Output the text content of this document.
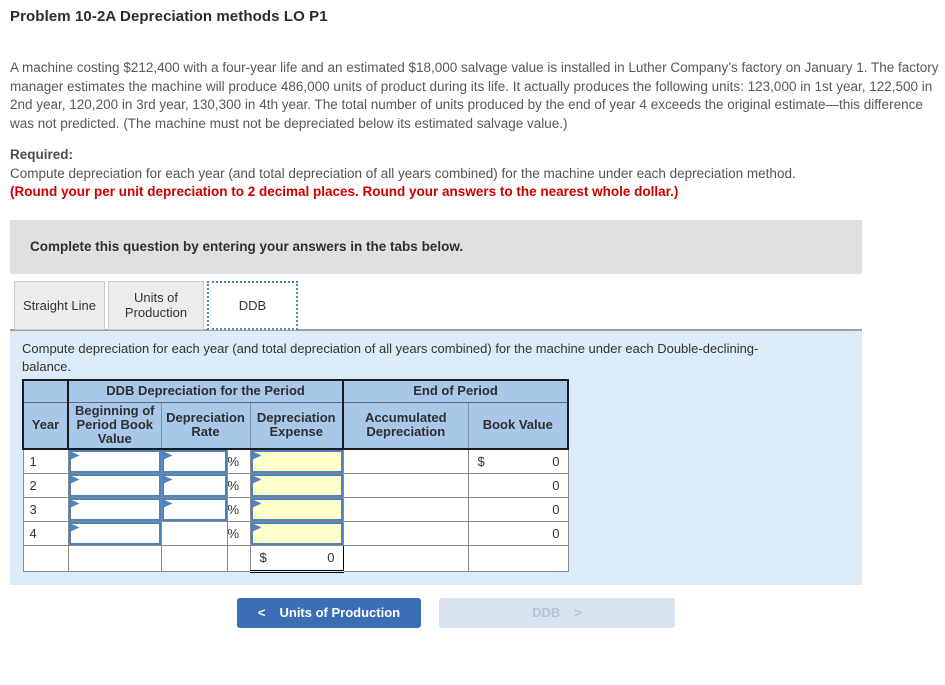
Problem 10-2A Depreciation methods LO P1
A machine costing $212,400 with a four-year life and an estimated $18,000 salvage value is installed in Luther Company’s factory on January 1. The factory manager estimates the machine will produce 486,000 units of product during its life. It actually produces the following units: 123,000 in 1st year, 122,500 in 2nd year, 120,200 in 3rd year, 130,300 in 4th year. The total number of units produced by the end of year 4 exceeds the original estimate—this difference was not predicted. (The machine must not be depreciated below its estimated salvage value.)
Required:
Compute depreciation for each year (and total depreciation of all years combined) for the machine under each depreciation method.
(Round your per unit depreciation to 2 decimal places. Round your answers to the nearest whole dollar.)
Complete this question by entering your answers in the tabs below.
Straight Line	Units of Production	DDB
Compute depreciation for each year (and total depreciation of all years combined) for the machine under each Double-declining-balance.
	DDB Depreciation for the Period				End of Period	
Year	Beginning of Period Book Value	Depreciation Rate		Depreciation Expense	Accumulated Depreciation	Book Value
1			%			$ 0

2			%			0

3			%			0

4			%			0

				$ 0		

< Units of Production	DDB >
